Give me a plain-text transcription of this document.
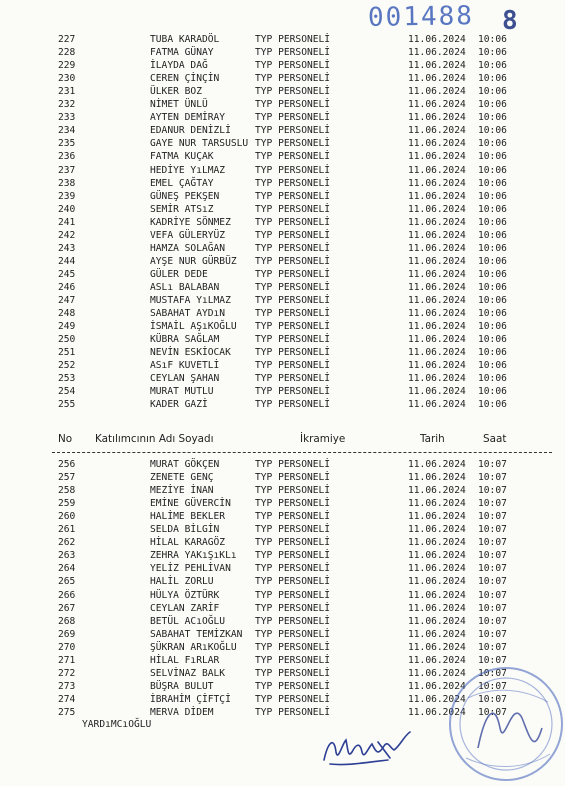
001488 8
227	TUBA KARADÖL	TYP PERSONELİ	11.06.2024 10:06
228	FATMA GÜNAY	TYP PERSONELİ	11.06.2024 10:06
229	İLAYDA DAĞ	TYP PERSONELİ	11.06.2024 10:06
230	CEREN ÇİNÇİN	TYP PERSONELİ	11.06.2024 10:06
231	ÜLKER BOZ	TYP PERSONELİ	11.06.2024 10:06
232	NİMET ÜNLÜ	TYP PERSONELİ	11.06.2024 10:06
233	AYTEN DEMİRAY	TYP PERSONELİ	11.06.2024 10:06
234	EDANUR DENİZLİ	TYP PERSONELİ	11.06.2024 10:06
235	GAYE NUR TARSUSLU TYP PERSONELİ	11.06.2024 10:06
236	FATMA KUÇAK	TYP PERSONELİ	11.06.2024 10:06
237	HEDİYE YıLMAZ	TYP PERSONELİ	11.06.2024 10:06
238	EMEL ÇAĞTAY	TYP PERSONELİ	11.06.2024 10:06
239	GÜNEŞ PEKŞEN	TYP PERSONELİ	11.06.2024 10:06
240	SEMİR ATSıZ	TYP PERSONELİ	11.06.2024 10:06
241	KADRİYE SÖNMEZ	TYP PERSONELİ	11.06.2024 10:06
242	VEFA GÜLERYÜZ	TYP PERSONELİ	11.06.2024 10:06
243	HAMZA SOLAĞAN	TYP PERSONELİ	11.06.2024 10:06
244	AYŞE NUR GÜRBÜZ TYP PERSONELİ	11.06.2024 10:06
245	GÜLER DEDE	TYP PERSONELİ	11.06.2024 10:06
246	ASLı BALABAN	TYP PERSONELİ	11.06.2024 10:06
247	MUSTAFA YıLMAZ	TYP PERSONELİ	11.06.2024 10:06
248	SABAHAT AYDıN	TYP PERSONELİ	11.06.2024 10:06
249	İSMAİL AŞıKOĞLU TYP PERSONELİ	11.06.2024 10:06
250	KÜBRA SAĞLAM	TYP PERSONELİ	11.06.2024 10:06
251	NEVİN ESKİOCAK	TYP PERSONELİ	11.06.2024 10:06
252	ASıF KUVETLİ	TYP PERSONELİ	11.06.2024 10:06
253	CEYLAN ŞAHAN	TYP PERSONELİ	11.06.2024 10:06
254	MURAT MUTLU	TYP PERSONELİ	11.06.2024 10:06
255	KADER GAZİ	TYP PERSONELİ	11.06.2024 10:06
No Katılımcının Adı Soyadı	İkramiye	Tarih	Saat
256	MURAT GÖKÇEN	TYP PERSONELİ	11.06.2024 10:07
257	ZENETE GENÇ	TYP PERSONELİ	11.06.2024 10:07
258	MEZİYE İNAN	TYP PERSONELİ	11.06.2024 10:07
259	EMİNE GÜVERCİN	TYP PERSONELİ	11.06.2024 10:07
260	HALİME BEKLER	TYP PERSONELİ	11.06.2024 10:07
261	SELDA BİLGİN	TYP PERSONELİ	11.06.2024 10:07
262	HİLAL KARAGÖZ	TYP PERSONELİ	11.06.2024 10:07
263	ZEHRA YAKıŞıKLı TYP PERSONELİ	11.06.2024 10:07
264	YELİZ PEHLİVAN	TYP PERSONELİ	11.06.2024 10:07
265	HALİL ZORLU	TYP PERSONELİ	11.06.2024 10:07
266	HÜLYA ÖZTÜRK	TYP PERSONELİ	11.06.2024 10:07
267	CEYLAN ZARİF	TYP PERSONELİ	11.06.2024 10:07
268	BETÜL ACıOĞLU	TYP PERSONELİ	11.06.2024 10:07
269	SABAHAT TEMİZKAN TYP PERSONELİ	11.06.2024 10:07
270	ŞÜKRAN ARıKOĞLU TYP PERSONELİ	11.06.2024 10:07
271	HİLAL FıRLAR	TYP PERSONELİ	11.06.2024 10:07
272	SELVİNAZ BALK	TYP PERSONELİ	11.06.2024 10:07
273	BÜŞRA BULUT	TYP PERSONELİ	11.06.2024 10:07
274	İBRAHİM ÇİFTÇİ	TYP PERSONELİ	11.06.2024 10:07
275	MERVA DİDEM	TYP PERSONELİ	11.06.2024 10:07
YARDıMCıOĞLU
